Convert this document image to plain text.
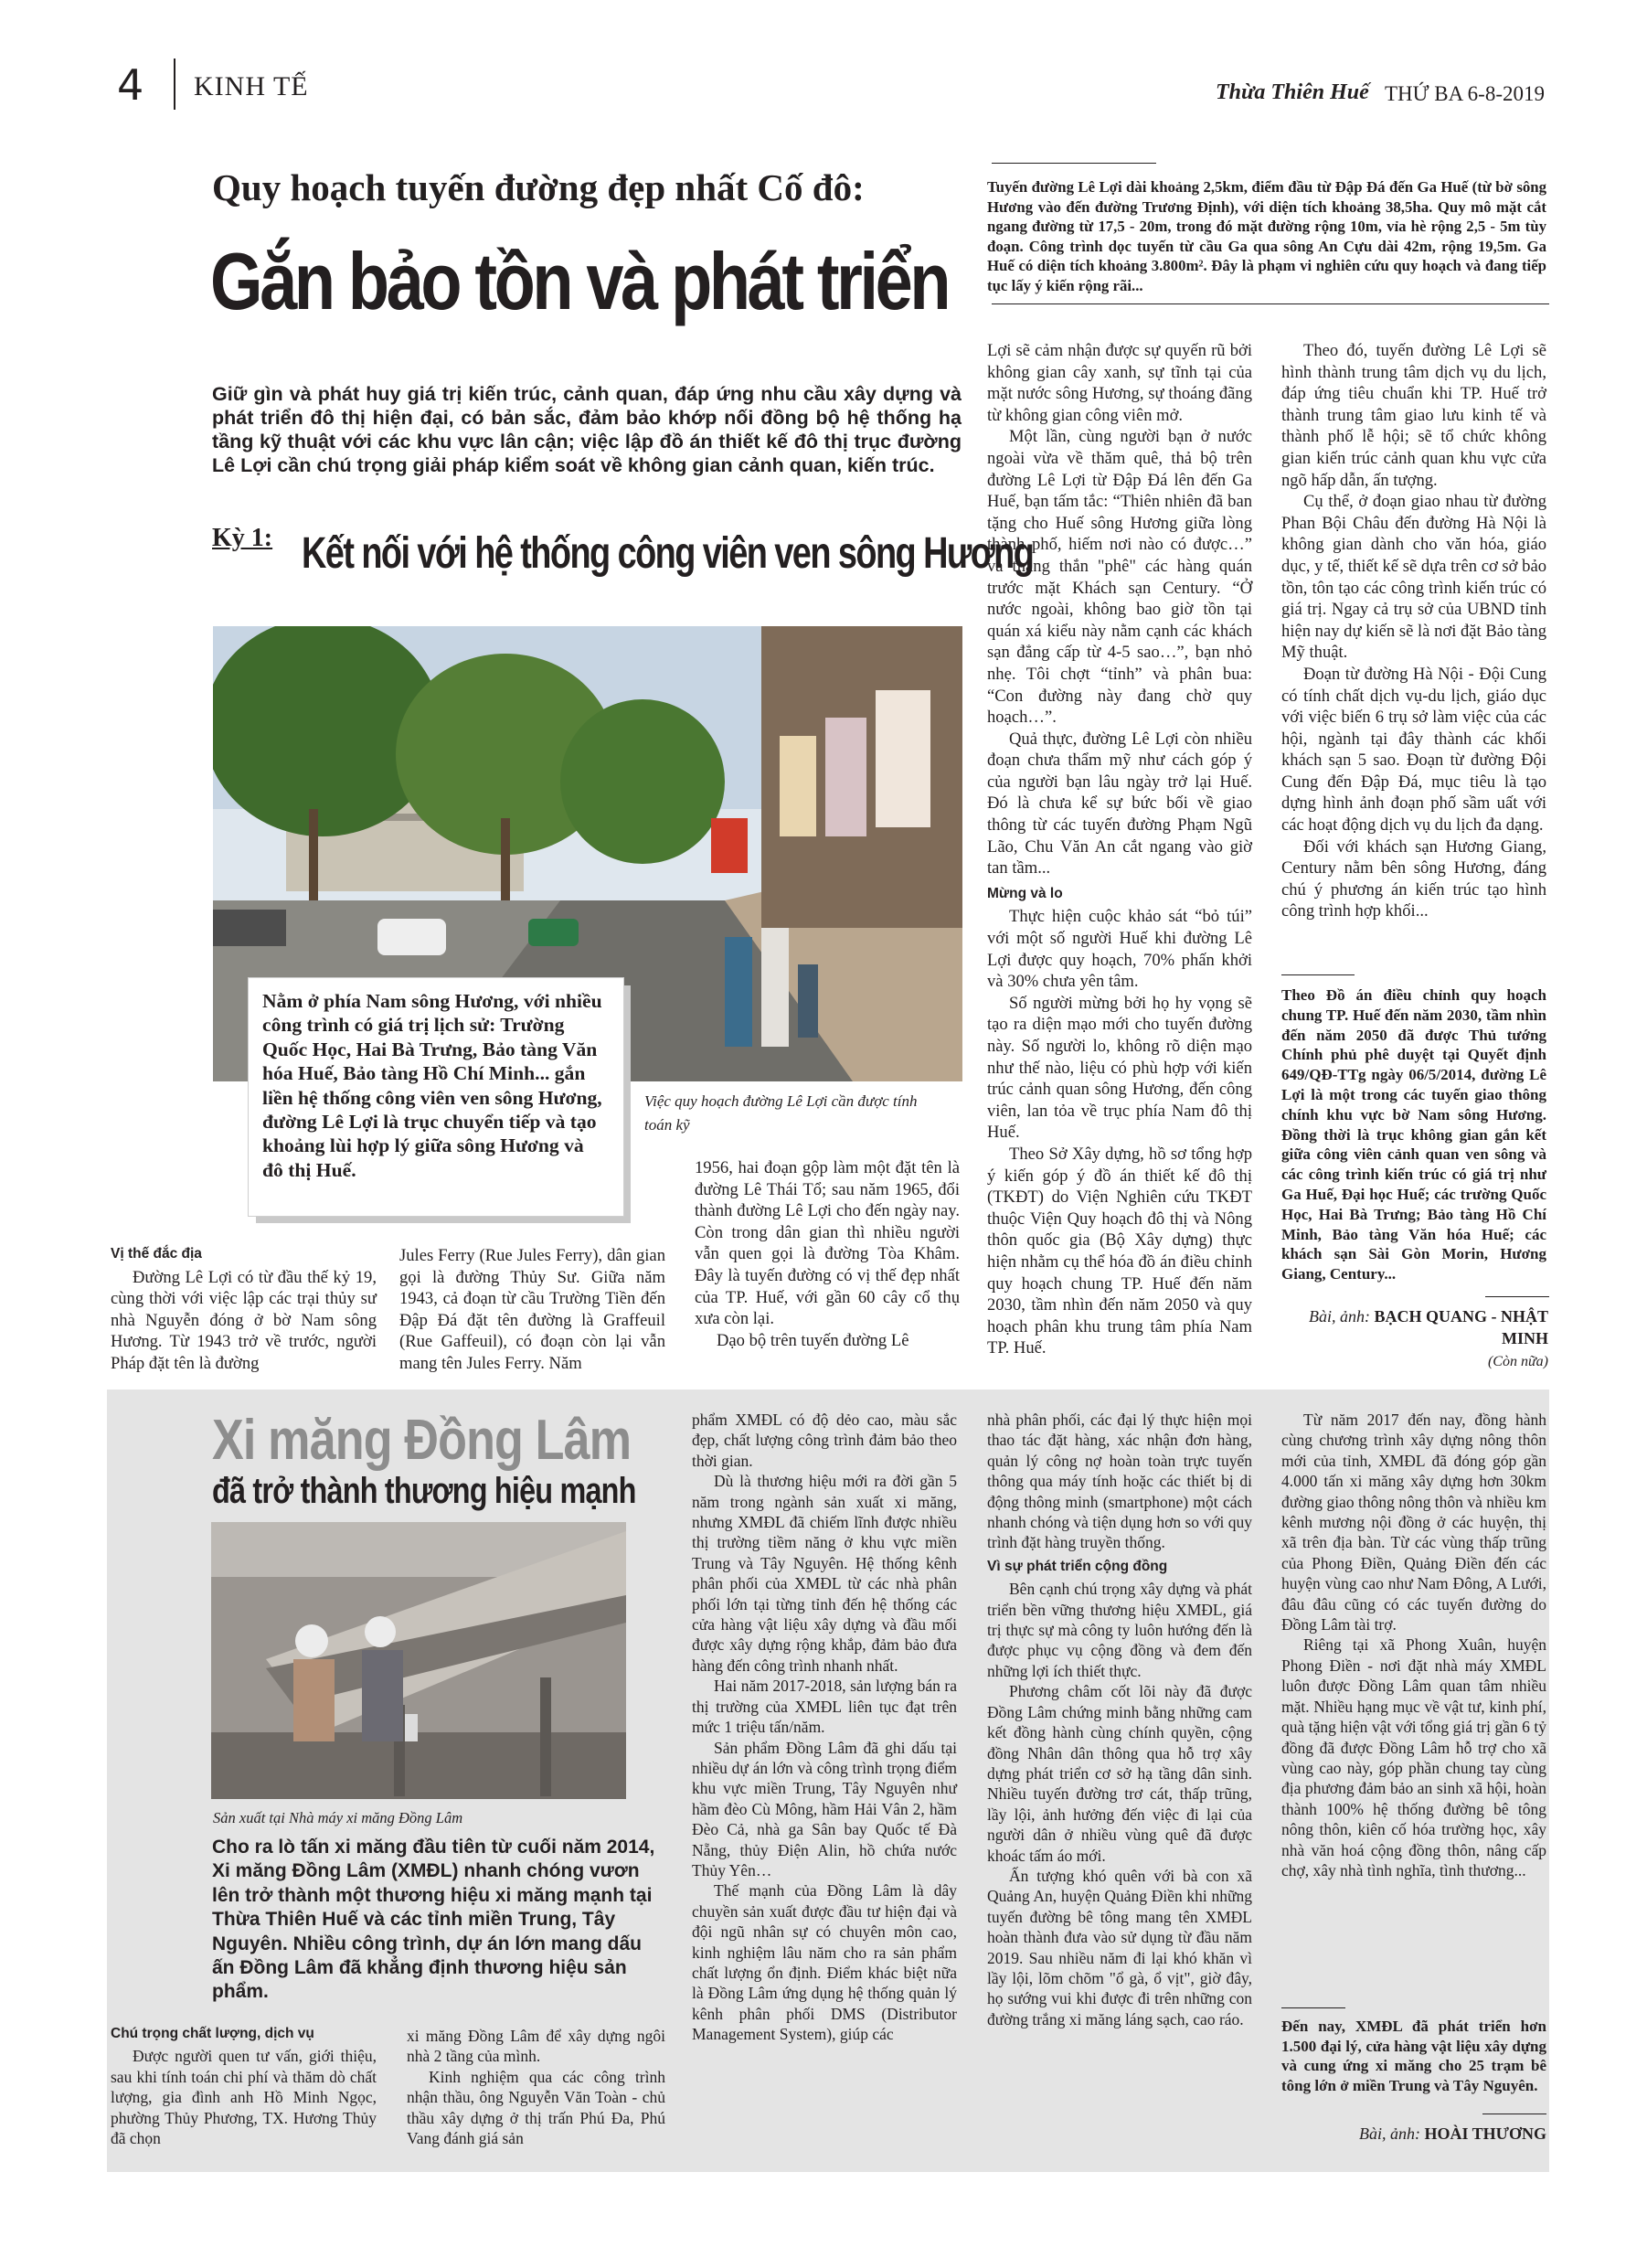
4 KINH TẾ	Thừa Thiên Huế THỨ BA 6-8-2019
Quy hoạch tuyến đường đẹp nhất Cố đô:
Gắn bảo tồn và phát triển
Tuyến đường Lê Lợi dài khoảng 2,5km, điểm đầu từ Đập Đá đến Ga Huế (từ bờ sông Hương vào đến đường Trương Định), với diện tích khoảng 38,5ha. Quy mô mặt cắt ngang đường từ 17,5 - 20m, trong đó mặt đường rộng 10m, vỉa hè rộng 2,5 - 5m tùy đoạn. Công trình dọc tuyến từ cầu Ga qua sông An Cựu dài 42m, rộng 19,5m. Ga Huế có diện tích khoảng 3.800m². Đây là phạm vi nghiên cứu quy hoạch và đang tiếp tục lấy ý kiến rộng rãi...
Giữ gìn và phát huy giá trị kiến trúc, cảnh quan, đáp ứng nhu cầu xây dựng và phát triển đô thị hiện đại, có bản sắc, đảm bảo khớp nối đồng bộ hệ thống hạ tầng kỹ thuật với các khu vực lân cận; việc lập đồ án thiết kế đô thị trục đường Lê Lợi cần chú trọng giải pháp kiểm soát về không gian cảnh quan, kiến trúc.
Kỳ 1: Kết nối với hệ thống công viên ven sông Hương
Nằm ở phía Nam sông Hương, với nhiều công trình có giá trị lịch sử: Trường Quốc Học, Hai Bà Trưng, Bảo tàng Văn hóa Huế, Bảo tàng Hồ Chí Minh... gắn liền hệ thống công viên ven sông Hương, đường Lê Lợi là trục chuyển tiếp và tạo khoảng lùi hợp lý giữa sông Hương và đô thị Huế.
Việc quy hoạch đường Lê Lợi cần được tính toán kỹ
Vị thế đắc địa

Đường Lê Lợi có từ đầu thế kỷ 19, cùng thời với việc lập các trại thủy sư nhà Nguyễn đóng ở bờ Nam sông Hương. Từ 1943 trở về trước, người Pháp đặt tên là đường

Jules Ferry (Rue Jules Ferry), dân gian gọi là đường Thủy Sư. Giữa năm 1943, cả đoạn từ cầu Trường Tiền đến Đập Đá đặt tên đường là Graffeuil (Rue Gaffeuil), có đoạn còn lại vẫn mang tên Jules Ferry. Năm

1956, hai đoạn gộp làm một đặt tên là đường Lê Thái Tổ; sau năm 1965, đổi thành đường Lê Lợi cho đến ngày nay. Còn trong dân gian thì nhiều người vẫn quen gọi là đường Tòa Khâm. Đây là tuyến đường có vị thế đẹp nhất của TP. Huế, với gần 60 cây cổ thụ xưa còn lại.

Dạo bộ trên tuyến đường Lê

Lợi sẽ cảm nhận được sự quyến rũ bởi không gian cây xanh, sự tĩnh tại của mặt nước sông Hương, sự thoáng đãng từ không gian công viên mở.

Một lần, cùng người bạn ở nước ngoài vừa về thăm quê, thả bộ trên đường Lê Lợi từ Đập Đá lên đến Ga Huế, bạn tấm tắc: “Thiên nhiên đã ban tặng cho Huế sông Hương giữa lòng thành phố, hiếm nơi nào có được…” và thẳng thắn "phê" các hàng quán trước mặt Khách sạn Century. “Ở nước ngoài, không bao giờ tồn tại quán xá kiểu này nằm cạnh các khách sạn đẳng cấp từ 4-5 sao…”, bạn nhỏ nhẹ. Tôi chợt “tỉnh” và phân bua: “Con đường này đang chờ quy hoạch…”.

Quả thực, đường Lê Lợi còn nhiều đoạn chưa thẩm mỹ như cách góp ý của người bạn lâu ngày trở lại Huế. Đó là chưa kể sự bức bối về giao thông từ các tuyến đường Phạm Ngũ Lão, Chu Văn An cắt ngang vào giờ tan tầm...

Mừng và lo

Thực hiện cuộc khảo sát “bỏ túi” với một số người Huế khi đường Lê Lợi được quy hoạch, 70% phấn khởi và 30% chưa yên tâm.

Số người mừng bởi họ hy vọng sẽ tạo ra diện mạo mới cho tuyến đường này. Số người lo, không rõ diện mạo như thế nào, liệu có phù hợp với kiến trúc cảnh quan sông Hương, đến công viên, lan tỏa về trục phía Nam đô thị Huế.

Theo Sở Xây dựng, hồ sơ tổng hợp ý kiến góp ý đồ án thiết kế đô thị (TKĐT) do Viện Nghiên cứu TKĐT thuộc Viện Quy hoạch đô thị và Nông thôn quốc gia (Bộ Xây dựng) thực hiện nhằm cụ thể hóa đồ án điều chỉnh quy hoạch chung TP. Huế đến năm 2030, tầm nhìn đến năm 2050 và quy hoạch phân khu trung tâm phía Nam TP. Huế.

Theo đó, tuyến đường Lê Lợi sẽ hình thành trung tâm dịch vụ du lịch, đáp ứng tiêu chuẩn khi TP. Huế trở thành trung tâm giao lưu kinh tế và thành phố lễ hội; sẽ tổ chức không gian kiến trúc cảnh quan khu vực cửa ngõ hấp dẫn, ấn tượng.

Cụ thể, ở đoạn giao nhau từ đường Phan Bội Châu đến đường Hà Nội là không gian dành cho văn hóa, giáo dục, y tế, thiết kế sẽ dựa trên cơ sở bảo tồn, tôn tạo các công trình kiến trúc có giá trị. Ngay cả trụ sở của UBND tỉnh hiện nay dự kiến sẽ là nơi đặt Bảo tàng Mỹ thuật.

Đoạn từ đường Hà Nội - Đội Cung có tính chất dịch vụ-du lịch, giáo dục với việc biến 6 trụ sở làm việc của các hội, ngành tại đây thành các khối khách sạn 5 sao. Đoạn từ đường Đội Cung đến Đập Đá, mục tiêu là tạo dựng hình ảnh đoạn phố sầm uất với các hoạt động dịch vụ du lịch đa dạng.

Đối với khách sạn Hương Giang, Century nằm bên sông Hương, đáng chú ý phương án kiến trúc tạo hình công trình hợp khối...

Theo Đồ án điều chỉnh quy hoạch chung TP. Huế đến năm 2030, tầm nhìn đến năm 2050 đã được Thủ tướng Chính phủ phê duyệt tại Quyết định 649/QĐ-TTg ngày 06/5/2014, đường Lê Lợi là một trong các tuyến giao thông chính khu vực bờ Nam sông Hương. Đồng thời là trục không gian gắn kết giữa công viên cảnh quan ven sông và các công trình kiến trúc có giá trị như Ga Huế, Đại học Huế; các trường Quốc Học, Hai Bà Trưng; Bảo tàng Hồ Chí Minh, Bảo tàng Văn hóa Huế; các khách sạn Sài Gòn Morin, Hương Giang, Century...
Bài, ảnh: BẠCH QUANG - NHẬT MINH
(Còn nữa)
Xi măng Đồng Lâm
đã trở thành thương hiệu mạnh
Sản xuất tại Nhà máy xi măng Đồng Lâm
Cho ra lò tấn xi măng đầu tiên từ cuối năm 2014, Xi măng Đồng Lâm (XMĐL) nhanh chóng vươn lên trở thành một thương hiệu xi măng mạnh tại Thừa Thiên Huế và các tỉnh miền Trung, Tây Nguyên. Nhiều công trình, dự án lớn mang dấu ấn Đồng Lâm đã khẳng định thương hiệu sản phẩm.
Chú trọng chất lượng, dịch vụ

Được người quen tư vấn, giới thiệu, sau khi tính toán chi phí và thăm dò chất lượng, gia đình anh Hồ Minh Ngọc, phường Thủy Phương, TX. Hương Thủy đã chọn

xi măng Đồng Lâm để xây dựng ngôi nhà 2 tầng của mình.

Kinh nghiệm qua các công trình nhận thầu, ông Nguyễn Văn Toàn - chủ thầu xây dựng ở thị trấn Phú Đa, Phú Vang đánh giá sản

phẩm XMĐL có độ dẻo cao, màu sắc đẹp, chất lượng công trình đảm bảo theo thời gian.

Dù là thương hiệu mới ra đời gần 5 năm trong ngành sản xuất xi măng, nhưng XMĐL đã chiếm lĩnh được nhiều thị trường tiềm năng ở khu vực miền Trung và Tây Nguyên. Hệ thống kênh phân phối của XMĐL từ các nhà phân phối lớn tại từng tỉnh đến hệ thống các cửa hàng vật liệu xây dựng và đầu mối được xây dựng rộng khắp, đảm bảo đưa hàng đến công trình nhanh nhất.

Hai năm 2017-2018, sản lượng bán ra thị trường của XMĐL liên tục đạt trên mức 1 triệu tấn/năm.

Sản phẩm Đồng Lâm đã ghi dấu tại nhiều dự án lớn và công trình trọng điểm khu vực miền Trung, Tây Nguyên như hầm đèo Cù Mông, hầm Hải Vân 2, hầm Đèo Cả, nhà ga Sân bay Quốc tế Đà Nẵng, thủy Điện Alin, hồ chứa nước Thủy Yên…

Thế mạnh của Đồng Lâm là dây chuyền sản xuất được đầu tư hiện đại và đội ngũ nhân sự có chuyên môn cao, kinh nghiệm lâu năm cho ra sản phẩm chất lượng ổn định. Điểm khác biệt nữa là Đồng Lâm ứng dụng hệ thống quản lý kênh phân phối DMS (Distributor Management System), giúp các

nhà phân phối, các đại lý thực hiện mọi thao tác đặt hàng, xác nhận đơn hàng, quản lý công nợ hoàn toàn trực tuyến thông qua máy tính hoặc các thiết bị di động thông minh (smartphone) một cách nhanh chóng và tiện dụng hơn so với quy trình đặt hàng truyền thống.

Vì sự phát triển cộng đồng

Bên cạnh chú trọng xây dựng và phát triển bền vững thương hiệu XMĐL, giá trị thực sự mà công ty luôn hướng đến là được phục vụ cộng đồng và đem đến những lợi ích thiết thực.

Phương châm cốt lõi này đã được Đồng Lâm chứng minh bằng những cam kết đồng hành cùng chính quyền, cộng đồng Nhân dân thông qua hỗ trợ xây dựng phát triển cơ sở hạ tầng dân sinh. Nhiều tuyến đường trơ cát, thấp trũng, lầy lội, ảnh hưởng đến việc đi lại của người dân ở nhiều vùng quê đã được khoác tấm áo mới.

Ấn tượng khó quên với bà con xã Quảng An, huyện Quảng Điền khi những tuyến đường bê tông mang tên XMĐL hoàn thành đưa vào sử dụng từ đầu năm 2019. Sau nhiều năm đi lại khó khăn vì lầy lội, lõm chõm "ổ gà, ổ vịt", giờ đây, họ sướng vui khi được đi trên những con đường trắng xi măng láng sạch, cao ráo.

Từ năm 2017 đến nay, đồng hành cùng chương trình xây dựng nông thôn mới của tỉnh, XMĐL đã đóng góp gần 4.000 tấn xi măng xây dựng hơn 30km đường giao thông nông thôn và nhiều km kênh mương nội đồng ở các huyện, thị xã trên địa bàn. Từ các vùng thấp trũng của Phong Điền, Quảng Điền đến các huyện vùng cao như Nam Đông, A Lưới, đâu đâu cũng có các tuyến đường do Đồng Lâm tài trợ.

Riêng tại xã Phong Xuân, huyện Phong Điền - nơi đặt nhà máy XMĐL luôn được Đồng Lâm quan tâm nhiều mặt. Nhiều hạng mục về vật tư, kinh phí, quà tặng hiện vật với tổng giá trị gần 6 tỷ đồng đã được Đồng Lâm hỗ trợ cho xã vùng cao này, góp phần chung tay cùng địa phương đảm bảo an sinh xã hội, hoàn thành 100% hệ thống đường bê tông nông thôn, kiên cố hóa trường học, xây nhà văn hoá cộng đồng thôn, nâng cấp chợ, xây nhà tình nghĩa, tình thương...

Đến nay, XMĐL đã phát triển hơn 1.500 đại lý, cửa hàng vật liệu xây dựng và cung ứng xi măng cho 25 trạm bê tông lớn ở miền Trung và Tây Nguyên.
Bài, ảnh: HOÀI THƯƠNG
